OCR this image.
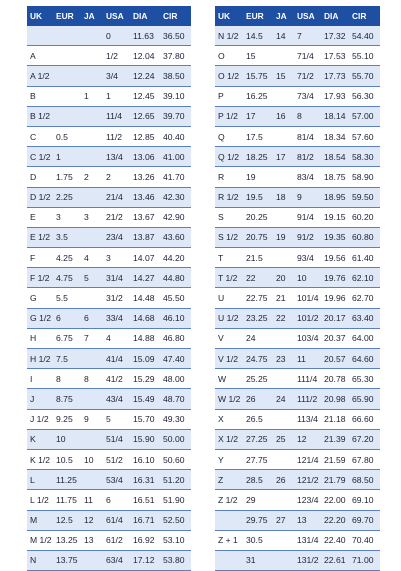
UK	EUR	JA	USA	DIA	CIR
			0	11.63	36.50
A			1/2	12.04	37.80
A 1/2			3/4	12.24	38.50
B		1	1	12.45	39.10
B 1/2			11/4	12.65	39.70
C	0.5		11/2	12.85	40.40
C 1/2	1		13/4	13.06	41.00
D	1.75	2	2	13.26	41.70
D 1/2	2.25		21/4	13.46	42.30
E	3	3	21/2	13.67	42.90
E 1/2	3.5		23/4	13.87	43.60
F	4.25	4	3	14.07	44.20
F 1/2	4.75	5	31/4	14.27	44.80
G	5.5		31/2	14.48	45.50
G 1/2	6	6	33/4	14.68	46.10
H	6.75	7	4	14.88	46.80
H 1/2	7.5		41/4	15.09	47.40
I	8	8	41/2	15.29	48.00
J	8.75		43/4	15.49	48.70
J 1/2	9.25	9	5	15.70	49.30
K	10		51/4	15.90	50.00
K 1/2	10.5	10	51/2	16.10	50.60
L	11.25		53/4	16.31	51.20
L 1/2	11.75	11	6	16.51	51.90
M	12.5	12	61/4	16.71	52.50
M 1/2	13.25	13	61/2	16.92	53.10
N	13.75		63/4	17.12	53.80
UK	EUR	JA	USA	DIA	CIR
N 1/2	14.5	14	7	17.32	54.40
O	15		71/4	17.53	55.10
O 1/2	15.75	15	71/2	17.73	55.70
P	16.25		73/4	17.93	56.30
P 1/2	17	16	8	18.14	57.00
Q	17.5		81/4	18.34	57.60
Q 1/2	18.25	17	81/2	18.54	58.30
R	19		83/4	18.75	58.90
R 1/2	19.5	18	9	18.95	59.50
S	20.25		91/4	19.15	60.20
S 1/2	20.75	19	91/2	19.35	60.80
T	21.5		93/4	19.56	61.40
T 1/2	22	20	10	19.76	62.10
U	22.75	21	101/4	19.96	62.70
U 1/2	23.25	22	101/2	20.17	63.40
V	24		103/4	20.37	64.00
V 1/2	24.75	23	11	20.57	64.60
W	25.25		111/4	20.78	65.30
W 1/2	26	24	111/2	20.98	65.90
X	26.5		113/4	21.18	66.60
X 1/2	27.25	25	12	21.39	67.20
Y	27.75		121/4	21.59	67.80
Z	28.5	26	121/2	21.79	68.50
Z 1/2	29		123/4	22.00	69.10
	29.75	27	13	22.20	69.70
Z + 1	30.5		131/4	22.40	70.40
	31		131/2	22.61	71.00
